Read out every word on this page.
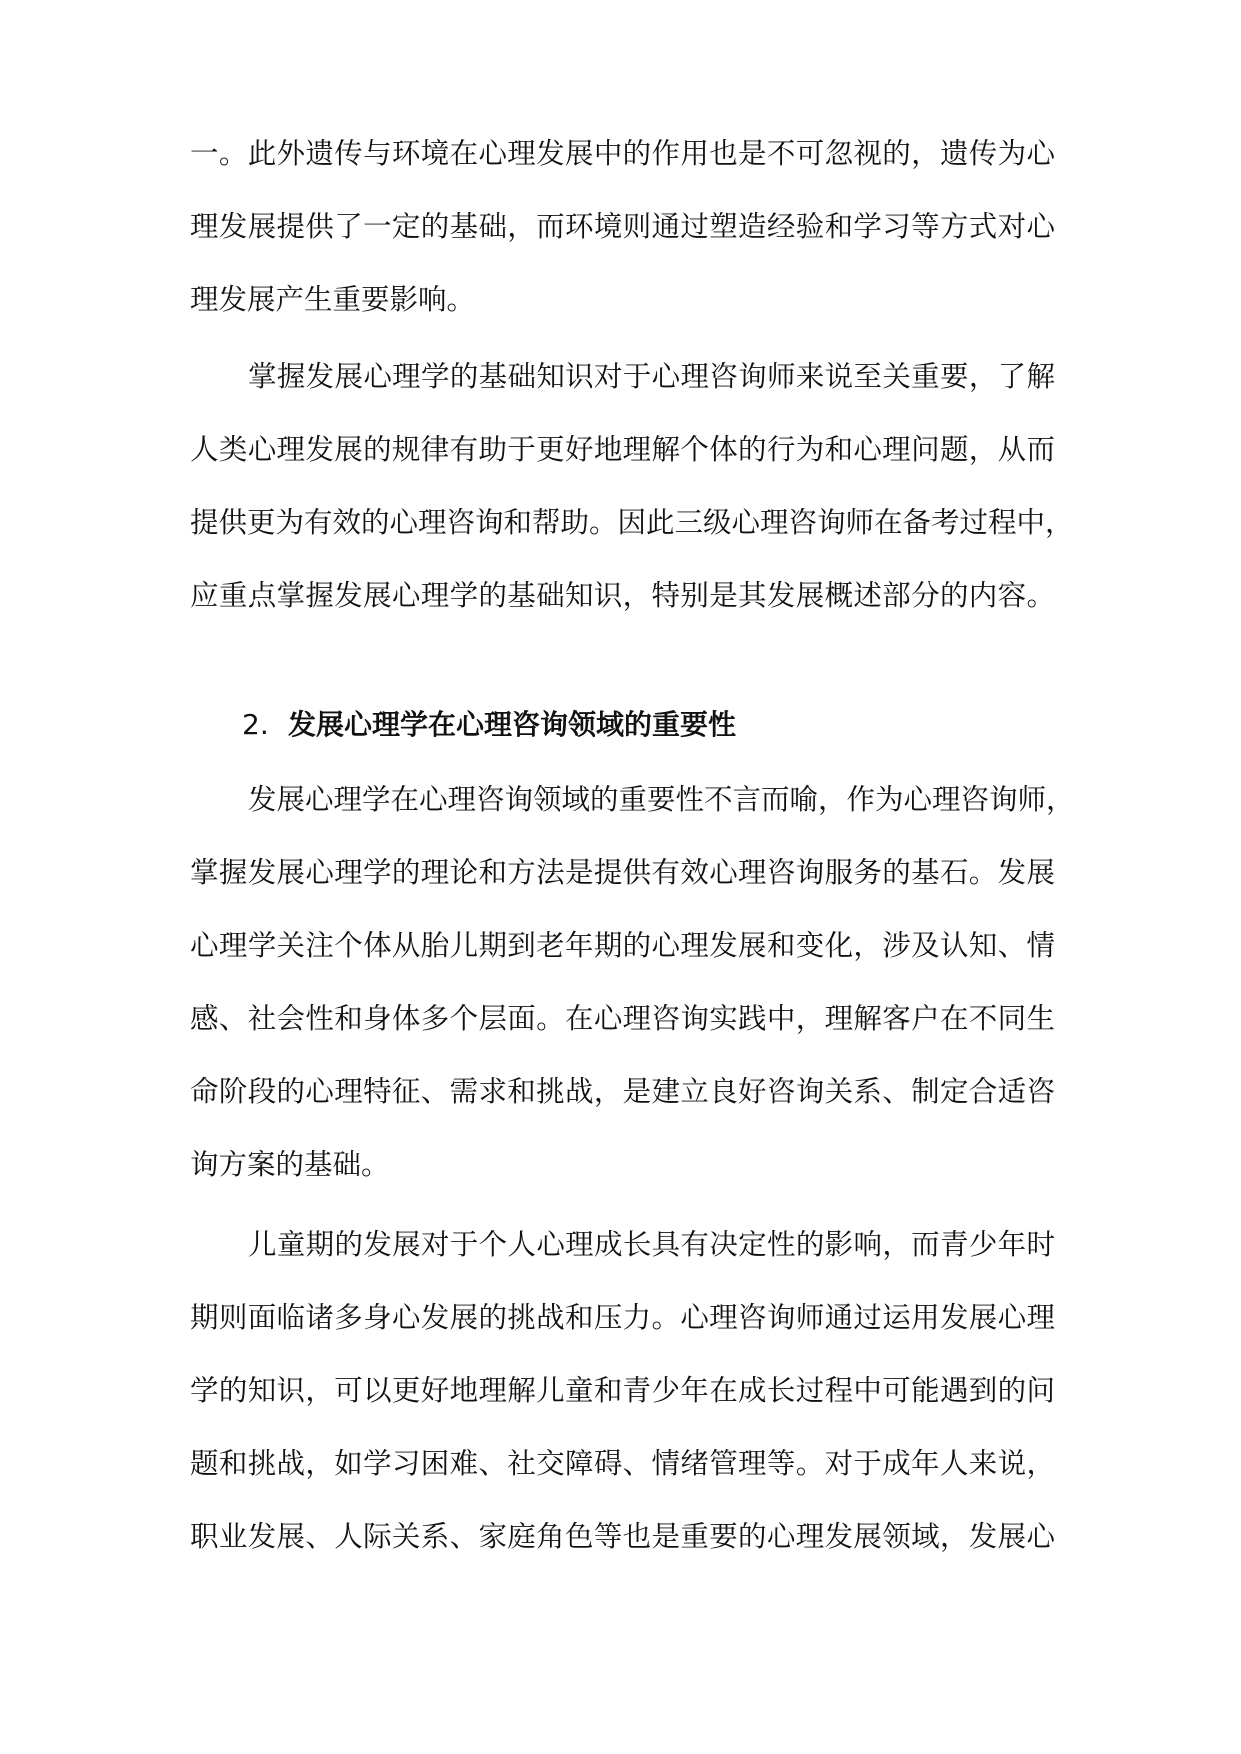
一。此外遗传与环境在心理发展中的作用也是不可忽视的，遗传为心
理发展提供了一定的基础，而环境则通过塑造经验和学习等方式对心
理发展产生重要影响。
掌握发展心理学的基础知识对于心理咨询师来说至关重要，了解
人类心理发展的规律有助于更好地理解个体的行为和心理问题，从而
提供更为有效的心理咨询和帮助。因此三级心理咨询师在备考过程中，
应重点掌握发展心理学的基础知识，特别是其发展概述部分的内容。
2. 发展心理学在心理咨询领域的重要性
发展心理学在心理咨询领域的重要性不言而喻，作为心理咨询师，
掌握发展心理学的理论和方法是提供有效心理咨询服务的基石。发展
心理学关注个体从胎儿期到老年期的心理发展和变化，涉及认知、情
感、社会性和身体多个层面。在心理咨询实践中，理解客户在不同生
命阶段的心理特征、需求和挑战，是建立良好咨询关系、制定合适咨
询方案的基础。
儿童期的发展对于个人心理成长具有决定性的影响，而青少年时
期则面临诸多身心发展的挑战和压力。心理咨询师通过运用发展心理
学的知识，可以更好地理解儿童和青少年在成长过程中可能遇到的问
题和挑战，如学习困难、社交障碍、情绪管理等。对于成年人来说，
职业发展、人际关系、家庭角色等也是重要的心理发展领域，发展心
